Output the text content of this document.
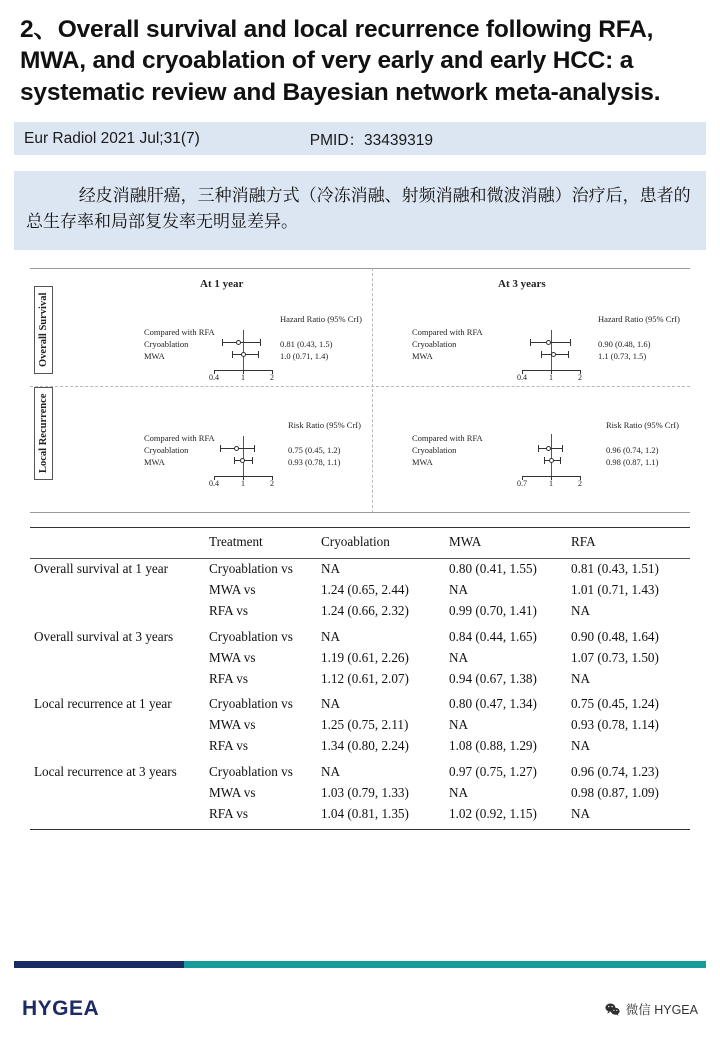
2、Overall survival and local recurrence following RFA, MWA, and cryoablation of very early and early HCC: a systematic review and Bayesian network meta-analysis.
Eur Radiol 2021 Jul;31(7)	PMID：33439319
经皮消融肝癌，三种消融方式（冷冻消融、射频消融和微波消融）治疗后，患者的总生存率和局部复发率无明显差异。
At 1 year	At 3 years
Overall Survival
Local Recurrence
Compared with RFA
Cryoablation
MWA
Hazard Ratio (95% CrI)
0.81 (0.43, 1.5)
1.0 (0.71, 1.4)
0.4	1	2
Compared with RFA
Cryoablation
MWA
Hazard Ratio (95% CrI)
0.90 (0.48, 1.6)
1.1 (0.73, 1.5)
0.4	1	2
Compared with RFA
Cryoablation
MWA
Risk Ratio (95% CrI)
0.75 (0.45, 1.2)
0.93 (0.78, 1.1)
0.4	1	2
Compared with RFA
Cryoablation
MWA
Risk Ratio (95% CrI)
0.96 (0.74, 1.2)
0.98 (0.87, 1.1)
0.7	1	2
	Treatment	Cryoablation	MWA	RFA
Overall survival at 1 year	Cryoablation vs	NA	0.80 (0.41, 1.55)	0.81 (0.43, 1.51)
	MWA vs	1.24 (0.65, 2.44)	NA	1.01 (0.71, 1.43)
	RFA vs	1.24 (0.66, 2.32)	0.99 (0.70, 1.41)	NA
Overall survival at 3 years	Cryoablation vs	NA	0.84 (0.44, 1.65)	0.90 (0.48, 1.64)
	MWA vs	1.19 (0.61, 2.26)	NA	1.07 (0.73, 1.50)
	RFA vs	1.12 (0.61, 2.07)	0.94 (0.67, 1.38)	NA
Local recurrence at 1 year	Cryoablation vs	NA	0.80 (0.47, 1.34)	0.75 (0.45, 1.24)
	MWA vs	1.25 (0.75, 2.11)	NA	0.93 (0.78, 1.14)
	RFA vs	1.34 (0.80, 2.24)	1.08 (0.88, 1.29)	NA
Local recurrence at 3 years	Cryoablation vs	NA	0.97 (0.75, 1.27)	0.96 (0.74, 1.23)
	MWA vs	1.03 (0.79, 1.33)	NA	0.98 (0.87, 1.09)
	RFA vs	1.04 (0.81, 1.35)	1.02 (0.92, 1.15)	NA
HYGEA	微信 HYGEA
